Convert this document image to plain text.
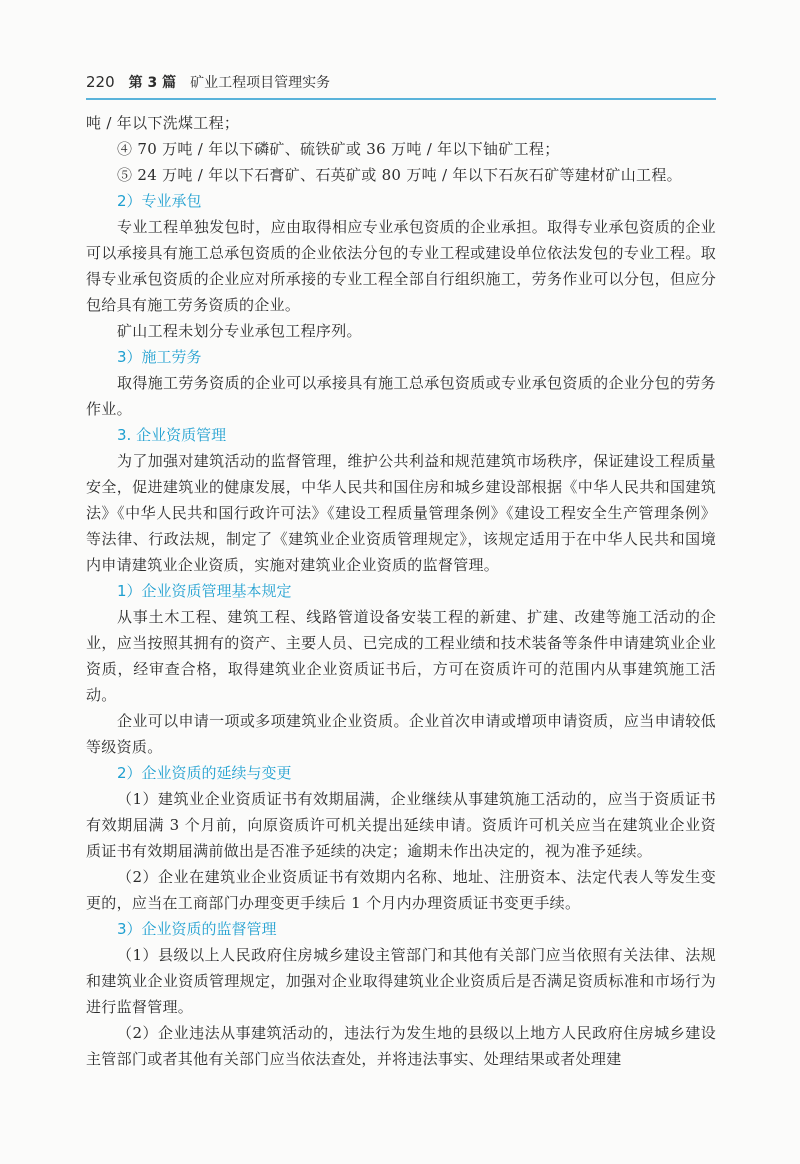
220 第 3 篇 矿业工程项目管理实务

吨 / 年以下洗煤工程；

④ 70 万吨 / 年以下磷矿、硫铁矿或 36 万吨 / 年以下铀矿工程；

⑤ 24 万吨 / 年以下石膏矿、石英矿或 80 万吨 / 年以下石灰石矿等建材矿山工程。

2）专业承包

专业工程单独发包时，应由取得相应专业承包资质的企业承担。取得专业承包资质的企业可以承接具有施工总承包资质的企业依法分包的专业工程或建设单位依法发包的专业工程。取得专业承包资质的企业应对所承接的专业工程全部自行组织施工，劳务作业可以分包，但应分包给具有施工劳务资质的企业。

矿山工程未划分专业承包工程序列。

3）施工劳务

取得施工劳务资质的企业可以承接具有施工总承包资质或专业承包资质的企业分包的劳务作业。

3. 企业资质管理

为了加强对建筑活动的监督管理，维护公共利益和规范建筑市场秩序，保证建设工程质量安全，促进建筑业的健康发展，中华人民共和国住房和城乡建设部根据《中华人民共和国建筑法》《中华人民共和国行政许可法》《建设工程质量管理条例》《建设工程安全生产管理条例》等法律、行政法规，制定了《建筑业企业资质管理规定》，该规定适用于在中华人民共和国境内申请建筑业企业资质，实施对建筑业企业资质的监督管理。

1）企业资质管理基本规定

从事土木工程、建筑工程、线路管道设备安装工程的新建、扩建、改建等施工活动的企业，应当按照其拥有的资产、主要人员、已完成的工程业绩和技术装备等条件申请建筑业企业资质，经审查合格，取得建筑业企业资质证书后，方可在资质许可的范围内从事建筑施工活动。

企业可以申请一项或多项建筑业企业资质。企业首次申请或增项申请资质，应当申请较低等级资质。

2）企业资质的延续与变更

（1）建筑业企业资质证书有效期届满，企业继续从事建筑施工活动的，应当于资质证书有效期届满 3 个月前，向原资质许可机关提出延续申请。资质许可机关应当在建筑业企业资质证书有效期届满前做出是否准予延续的决定；逾期未作出决定的，视为准予延续。

（2）企业在建筑业企业资质证书有效期内名称、地址、注册资本、法定代表人等发生变更的，应当在工商部门办理变更手续后 1 个月内办理资质证书变更手续。

3）企业资质的监督管理

（1）县级以上人民政府住房城乡建设主管部门和其他有关部门应当依照有关法律、法规和建筑业企业资质管理规定，加强对企业取得建筑业企业资质后是否满足资质标准和市场行为进行监督管理。

（2）企业违法从事建筑活动的，违法行为发生地的县级以上地方人民政府住房城乡建设主管部门或者其他有关部门应当依法查处，并将违法事实、处理结果或者处理建
